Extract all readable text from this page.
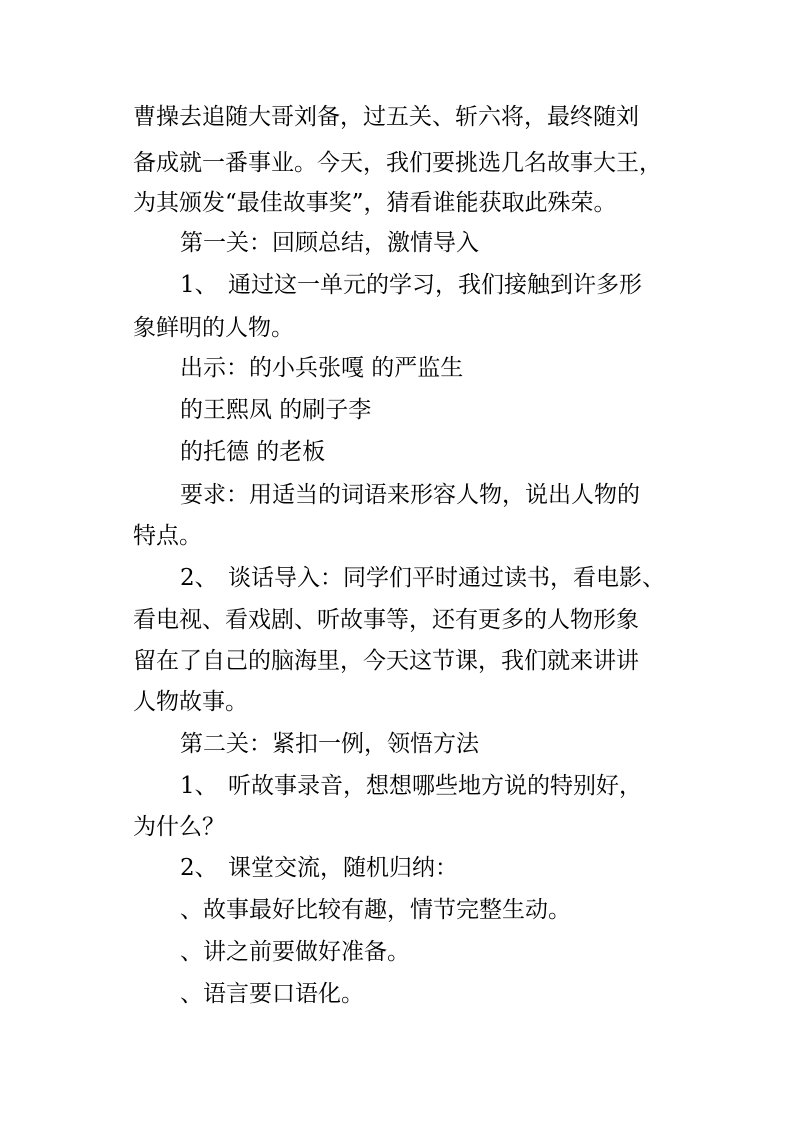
曹操去追随大哥刘备，过五关、斩六将，最终随刘
备成就一番事业。今天，我们要挑选几名故事大王，
为其颁发“最佳故事奖”，猜看谁能获取此殊荣。
第一关：回顾总结，激情导入
1、 通过这一单元的学习，我们接触到许多形
象鲜明的人物。
出示：的小兵张嘎 的严监生
的王熙凤 的刷子李
的托德 的老板
要求：用适当的词语来形容人物，说出人物的
特点。
2、 谈话导入：同学们平时通过读书，看电影、
看电视、看戏剧、听故事等，还有更多的人物形象
留在了自己的脑海里，今天这节课，我们就来讲讲
人物故事。
第二关：紧扣一例，领悟方法
1、 听故事录音，想想哪些地方说的特别好，
为什么？
2、 课堂交流，随机归纳：
、故事最好比较有趣，情节完整生动。
、讲之前要做好准备。
、语言要口语化。
